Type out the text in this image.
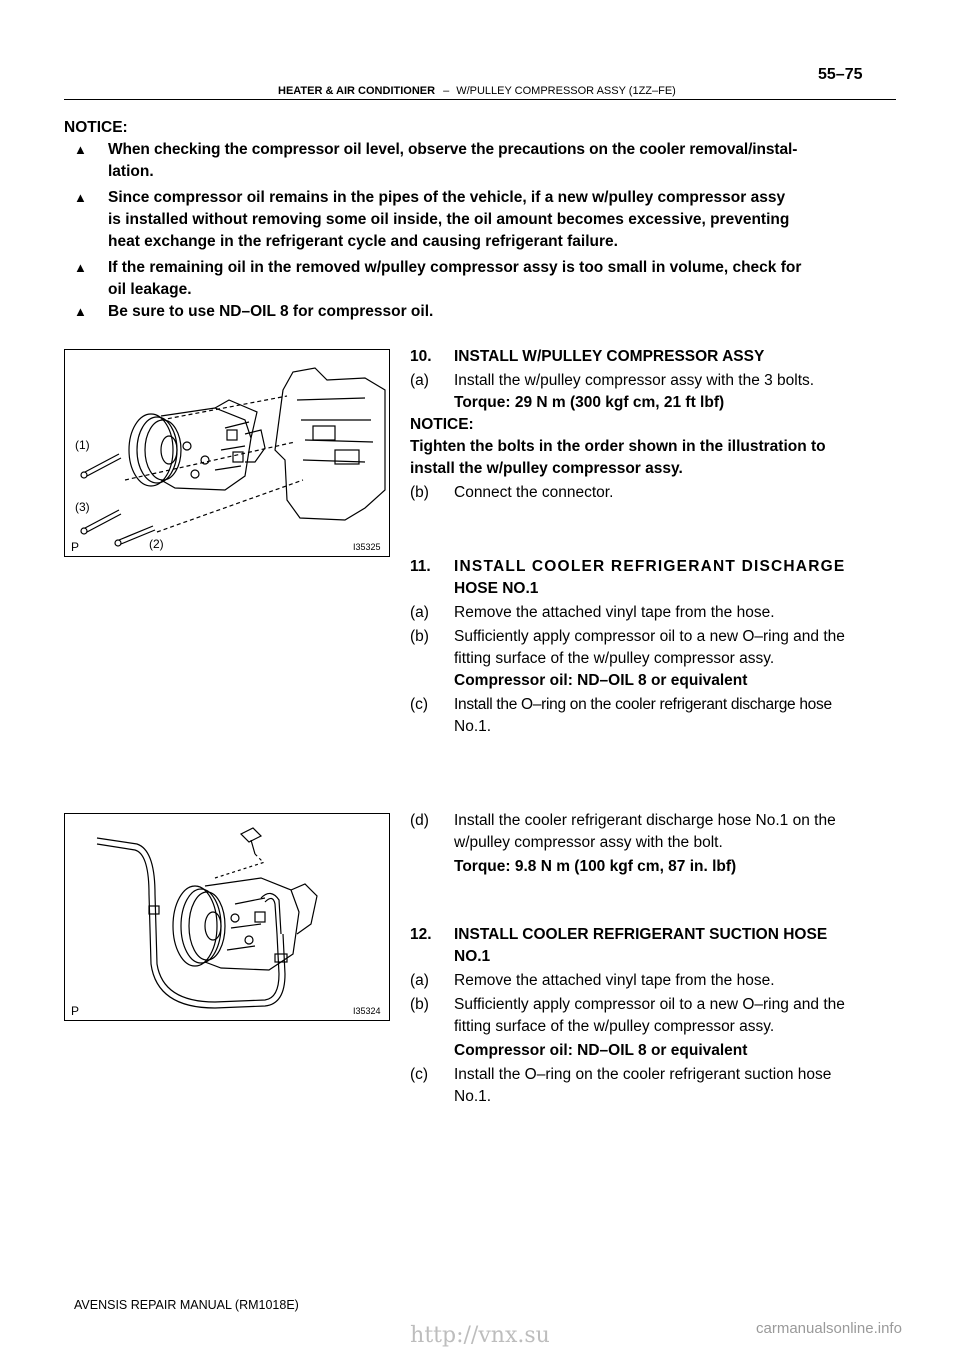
55–75
HEATER & AIR CONDITIONER – W/PULLEY COMPRESSOR ASSY (1ZZ–FE)
NOTICE:
▲ When checking the compressor oil level, observe the precautions on the cooler removal/instal-
lation.
▲ Since compressor oil remains in the pipes of the vehicle, if a new w/pulley compressor assy
is installed without removing some oil inside, the oil amount becomes excessive, preventing
heat exchange in the refrigerant cycle and causing refrigerant failure.
▲ If the remaining oil in the removed w/pulley compressor assy is too small in volume, check for
oil leakage.
▲ Be sure to use ND–OIL 8 for compressor oil.
(1)
(3)
(2)
P	I35325
P	I35324
10. INSTALL W/PULLEY COMPRESSOR ASSY
(a) Install the w/pulley compressor assy with the 3 bolts.
Torque: 29 N m (300 kgf cm, 21 ft lbf)
NOTICE:
Tighten the bolts in the order shown in the illustration to
install the w/pulley compressor assy.
(b) Connect the connector.
11. INSTALL COOLER REFRIGERANT DISCHARGE
HOSE NO.1
(a) Remove the attached vinyl tape from the hose.
(b) Sufficiently apply compressor oil to a new O–ring and the
fitting surface of the w/pulley compressor assy.
Compressor oil: ND–OIL 8 or equivalent
(c) Install the O–ring on the cooler refrigerant discharge hose
No.1.
(d) Install the cooler refrigerant discharge hose No.1 on the
w/pulley compressor assy with the bolt.
Torque: 9.8 N m (100 kgf cm, 87 in. lbf)
12. INSTALL COOLER REFRIGERANT SUCTION HOSE
NO.1
(a) Remove the attached vinyl tape from the hose.
(b) Sufficiently apply compressor oil to a new O–ring and the
fitting surface of the w/pulley compressor assy.
Compressor oil: ND–OIL 8 or equivalent
(c) Install the O–ring on the cooler refrigerant suction hose
No.1.
AVENSIS REPAIR MANUAL (RM1018E)
http://vnx.su	carmanualsonline.info
